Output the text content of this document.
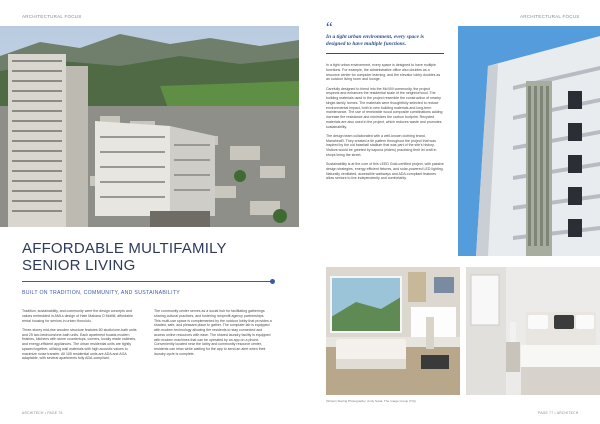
ARCHITECTURAL FOCUS	ARCHITECTURAL FOCUS
AFFORDABLE MULTIFAMILY
SENIOR LIVING
BUILT ON TRADITION, COMMUNITY, AND SUSTAINABILITY

Tradition, sustainability, and community were the design concepts and values embedded in AMLs design of Hale Makana O Moiliili, affordable rental housing for seniors in urban Honolulu.

Three-storey mid-rise wooden structure features 80 studio/one-bath units and 25 two-bedroom/one-bath units. Each apartment boasts modern finishes, kitchens with stone countertops, corners, locally made cabinets, and energy-efficient appliances. The urban residential units are tightly spaced together, utilizing wall materials with high acoustic values to maximize noise transfer. All 105 residential units are ADA and AGA adaptable, with several apartments fully ADA-compliant.

The community center serves as a social hub for facilitating gatherings sharing cultural practices, and fostering nonprofit agency partnerships. This multi-use space is complemented by the outdoor lobby that provides a shaded, safe, and pleasant place to gather. The computer lab is equipped with modern technology allowing the residents to stay connected and access online resources with ease. The shared laundry facility is equipped with modern machines that can be operated by an app on a phone. Conveniently located near the lobby and community resource center, residents can relax while waiting for the app to send an alert when their laundry cycle is complete.

“
In a tight urban environment, every space is designed to have multiple functions.

In a tight urban environment, every space is designed to have multiple functions. For example, the administrative office also doubles as a resource center for computer learning, and the elevator lobby doubles as an outdoor living room and lounge.

Carefully designed to blend into the Mo'ili'ili community, the project respects and enhances the residential scale of the neighborhood. The building materials used in the project resemble the construction of nearby single-family homes. The materials were thoughtfully selected to reduce environmental impact, both in new building materials and long-term maintenance. The use of renewable wood composite combinations adding increase fire resistance and minimizes the carbon footprint. Recycled materials are also used in the project, which reduces waste and promotes sustainability.

The design team collaborated with a well-known clothing brand, Manaheali'i. They created a tie pattern throughout the project that was inspired by the old baseball stadium that was part of the site's history. Visitors would be greeted by kapuna (elders) practicing their lei craft in shops lining the street.

Sustainability is at the core of this LEED Gold-certified project, with passive design strategies, energy efficient fixtures, and solar-powered LED lighting. Naturally ventilated, accessible walkways and ADA-compliant features allow seniors to live independently and comfortably.

(Shown Staring Photography: Andy Sarai, The Image Group (T4))
ARCHITECH • PAGE 76	PAGE 77 • ARCHITECH
